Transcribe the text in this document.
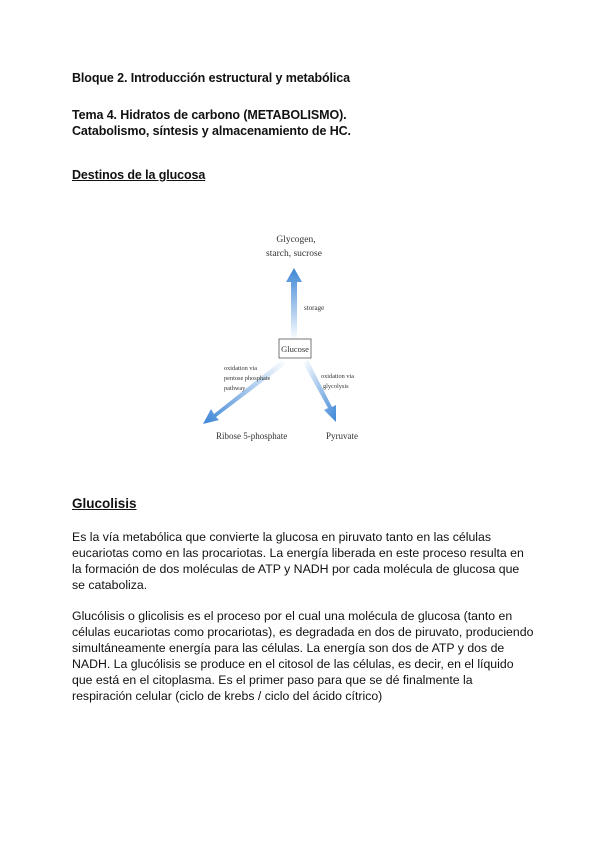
Bloque 2. Introducción estructural y metabólica
Tema 4. Hidratos de carbono (METABOLISMO).
Catabolismo, síntesis y almacenamiento de HC.
Destinos de la glucosa
Glycogen,
starch, sucrose
storage
Glucose
oxidation via
pentose phosphate
pathway
oxidation via
glycolysis
Ribose 5-phosphate	Pyruvate
Glucolisis
Es la vía metabólica que convierte la glucosa en piruvato tanto en las células
eucariotas como en las procariotas. La energía liberada en este proceso resulta en
la formación de dos moléculas de ATP y NADH por cada molécula de glucosa que
se cataboliza.
Glucólisis o glicolisis es el proceso por el cual una molécula de glucosa (tanto en
células eucariotas como procariotas), es degradada en dos de piruvato, produciendo
simultáneamente energía para las células. La energía son dos de ATP y dos de
NADH. La glucólisis se produce en el citosol de las células, es decir, en el líquido
que está en el citoplasma. Es el primer paso para que se dé finalmente la
respiración celular (ciclo de krebs / ciclo del ácido cítrico)
